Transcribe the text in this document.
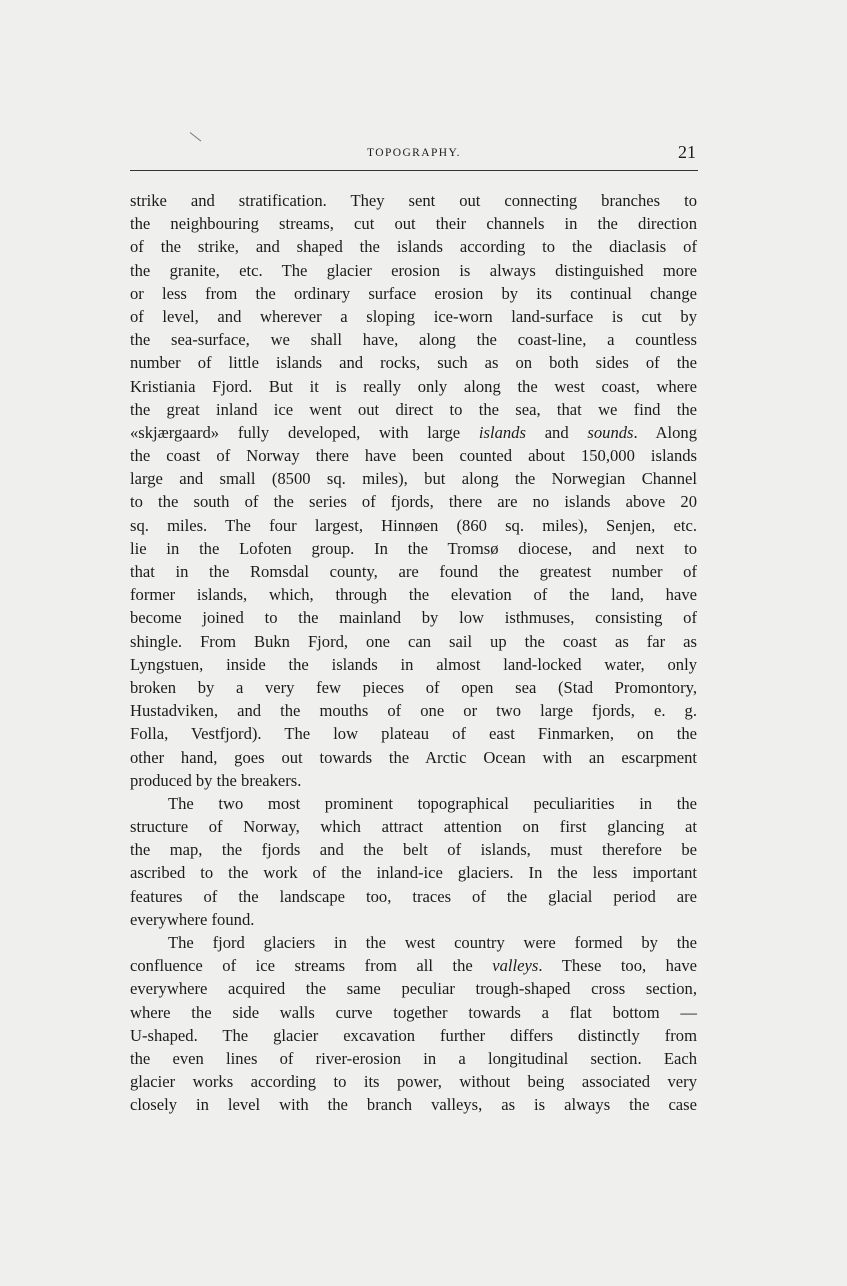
TOPOGRAPHY.	21
strike and stratification. They sent out connecting branches to
the neighbouring streams, cut out their channels in the direction
of the strike, and shaped the islands according to the diaclasis of
the granite, etc. The glacier erosion is always distinguished more
or less from the ordinary surface erosion by its continual change
of level, and wherever a sloping ice-worn land-surface is cut by
the sea-surface, we shall have, along the coast-line, a countless
number of little islands and rocks, such as on both sides of the
Kristiania Fjord. But it is really only along the west coast, where
the great inland ice went out direct to the sea, that we find the
«skjærgaard» fully developed, with large islands and sounds. Along
the coast of Norway there have been counted about 150,000 islands
large and small (8500 sq. miles), but along the Norwegian Channel
to the south of the series of fjords, there are no islands above 20
sq. miles. The four largest, Hinnøen (860 sq. miles), Senjen, etc.
lie in the Lofoten group. In the Tromsø diocese, and next to
that in the Romsdal county, are found the greatest number of
former islands, which, through the elevation of the land, have
become joined to the mainland by low isthmuses, consisting of
shingle. From Bukn Fjord, one can sail up the coast as far as
Lyngstuen, inside the islands in almost land-locked water, only
broken by a very few pieces of open sea (Stad Promontory,
Hustadviken, and the mouths of one or two large fjords, e. g.
Folla, Vestfjord). The low plateau of east Finmarken, on the
other hand, goes out towards the Arctic Ocean with an escarpment
produced by the breakers.
The two most prominent topographical peculiarities in the
structure of Norway, which attract attention on first glancing at
the map, the fjords and the belt of islands, must therefore be
ascribed to the work of the inland-ice glaciers. In the less important
features of the landscape too, traces of the glacial period are
everywhere found.
The fjord glaciers in the west country were formed by the
confluence of ice streams from all the valleys. These too, have
everywhere acquired the same peculiar trough-shaped cross section,
where the side walls curve together towards a flat bottom —
U-shaped. The glacier excavation further differs distinctly from
the even lines of river-erosion in a longitudinal section. Each
glacier works according to its power, without being associated very
closely in level with the branch valleys, as is always the case
